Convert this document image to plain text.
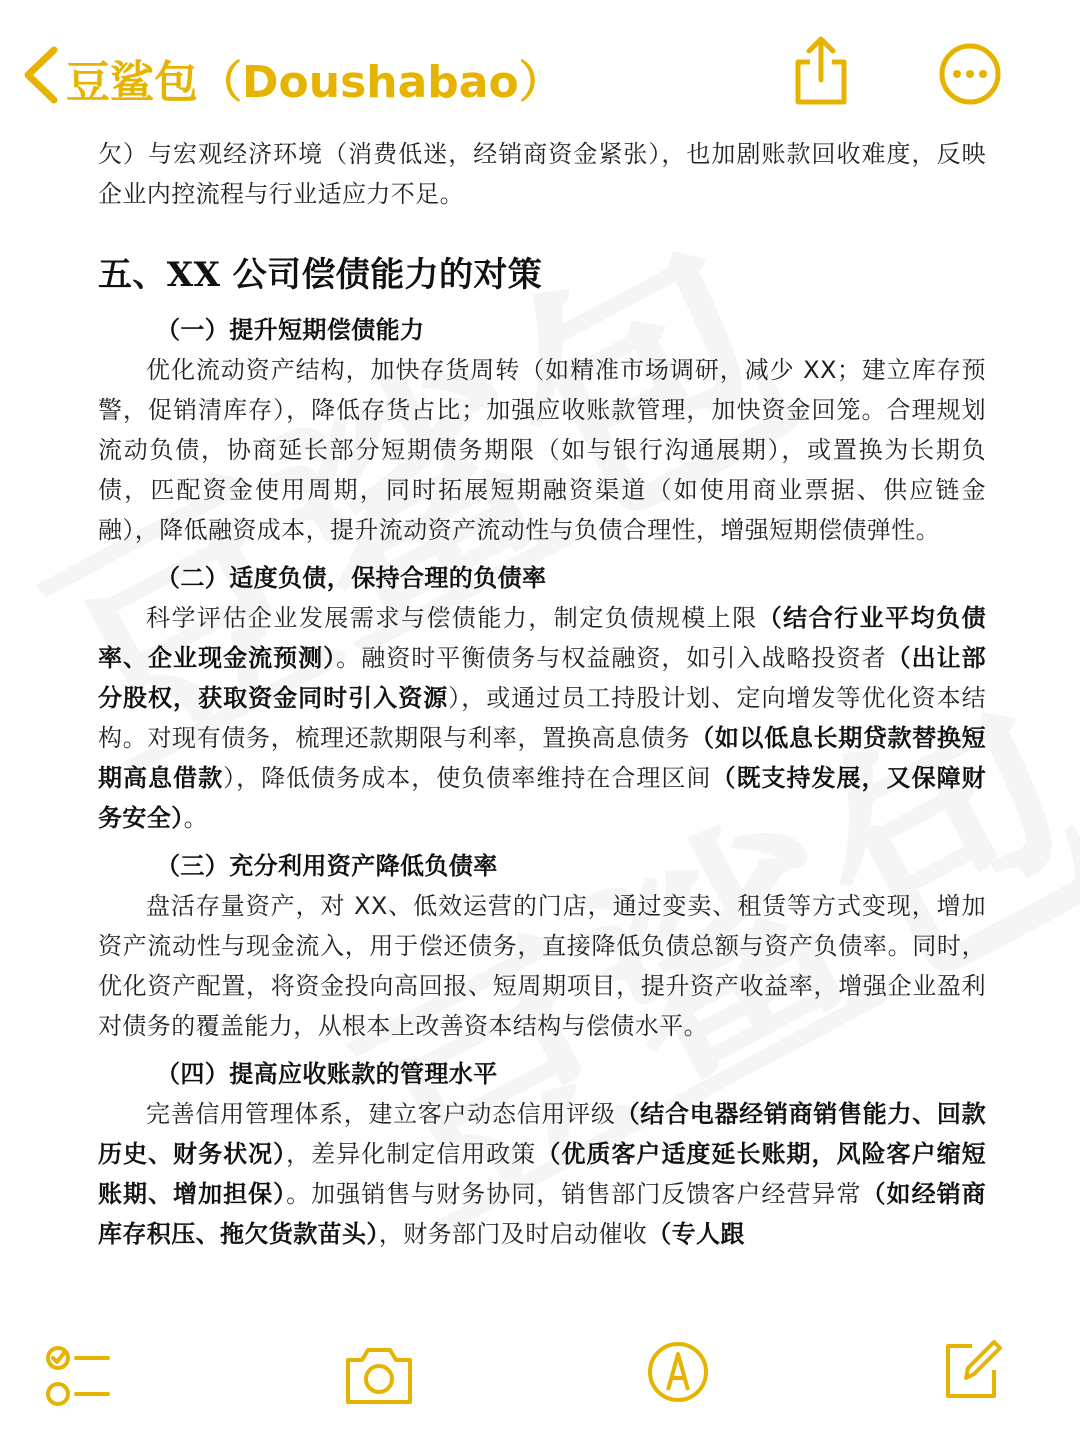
豆鲨包（Doushabao）

欠）与宏观经济环境（消费低迷，经销商资金紧张），也加剧账款回收难度，反映企业内控流程与行业适应力不足。

五、XX 公司偿债能力的对策

（一）提升短期偿债能力

优化流动资产结构，加快存货周转（如精准市场调研，减少 XX；建立库存预警，促销清库存），降低存货占比；加强应收账款管理，加快资金回笼。合理规划流动负债，协商延长部分短期债务期限（如与银行沟通展期），或置换为长期负债，匹配资金使用周期，同时拓展短期融资渠道（如使用商业票据、供应链金融），降低融资成本，提升流动资产流动性与负债合理性，增强短期偿债弹性。

（二）适度负债，保持合理的负债率

科学评估企业发展需求与偿债能力，制定负债规模上限（结合行业平均负债率、企业现金流预测）。融资时平衡债务与权益融资，如引入战略投资者（出让部分股权，获取资金同时引入资源），或通过员工持股计划、定向增发等优化资本结构。对现有债务，梳理还款期限与利率，置换高息债务（如以低息长期贷款替换短期高息借款），降低债务成本，使负债率维持在合理区间（既支持发展，又保障财务安全）。

（三）充分利用资产降低负债率

盘活存量资产，对 XX、低效运营的门店，通过变卖、租赁等方式变现，增加资产流动性与现金流入，用于偿还债务，直接降低负债总额与资产负债率。同时，优化资产配置，将资金投向高回报、短周期项目，提升资产收益率，增强企业盈利对债务的覆盖能力，从根本上改善资本结构与偿债水平。

（四）提高应收账款的管理水平

完善信用管理体系，建立客户动态信用评级（结合电器经销商销售能力、回款历史、财务状况），差异化制定信用政策（优质客户适度延长账期，风险客户缩短账期、增加担保）。加强销售与财务协同，销售部门反馈客户经营异常（如经销商库存积压、拖欠货款苗头），财务部门及时启动催收（专人跟
